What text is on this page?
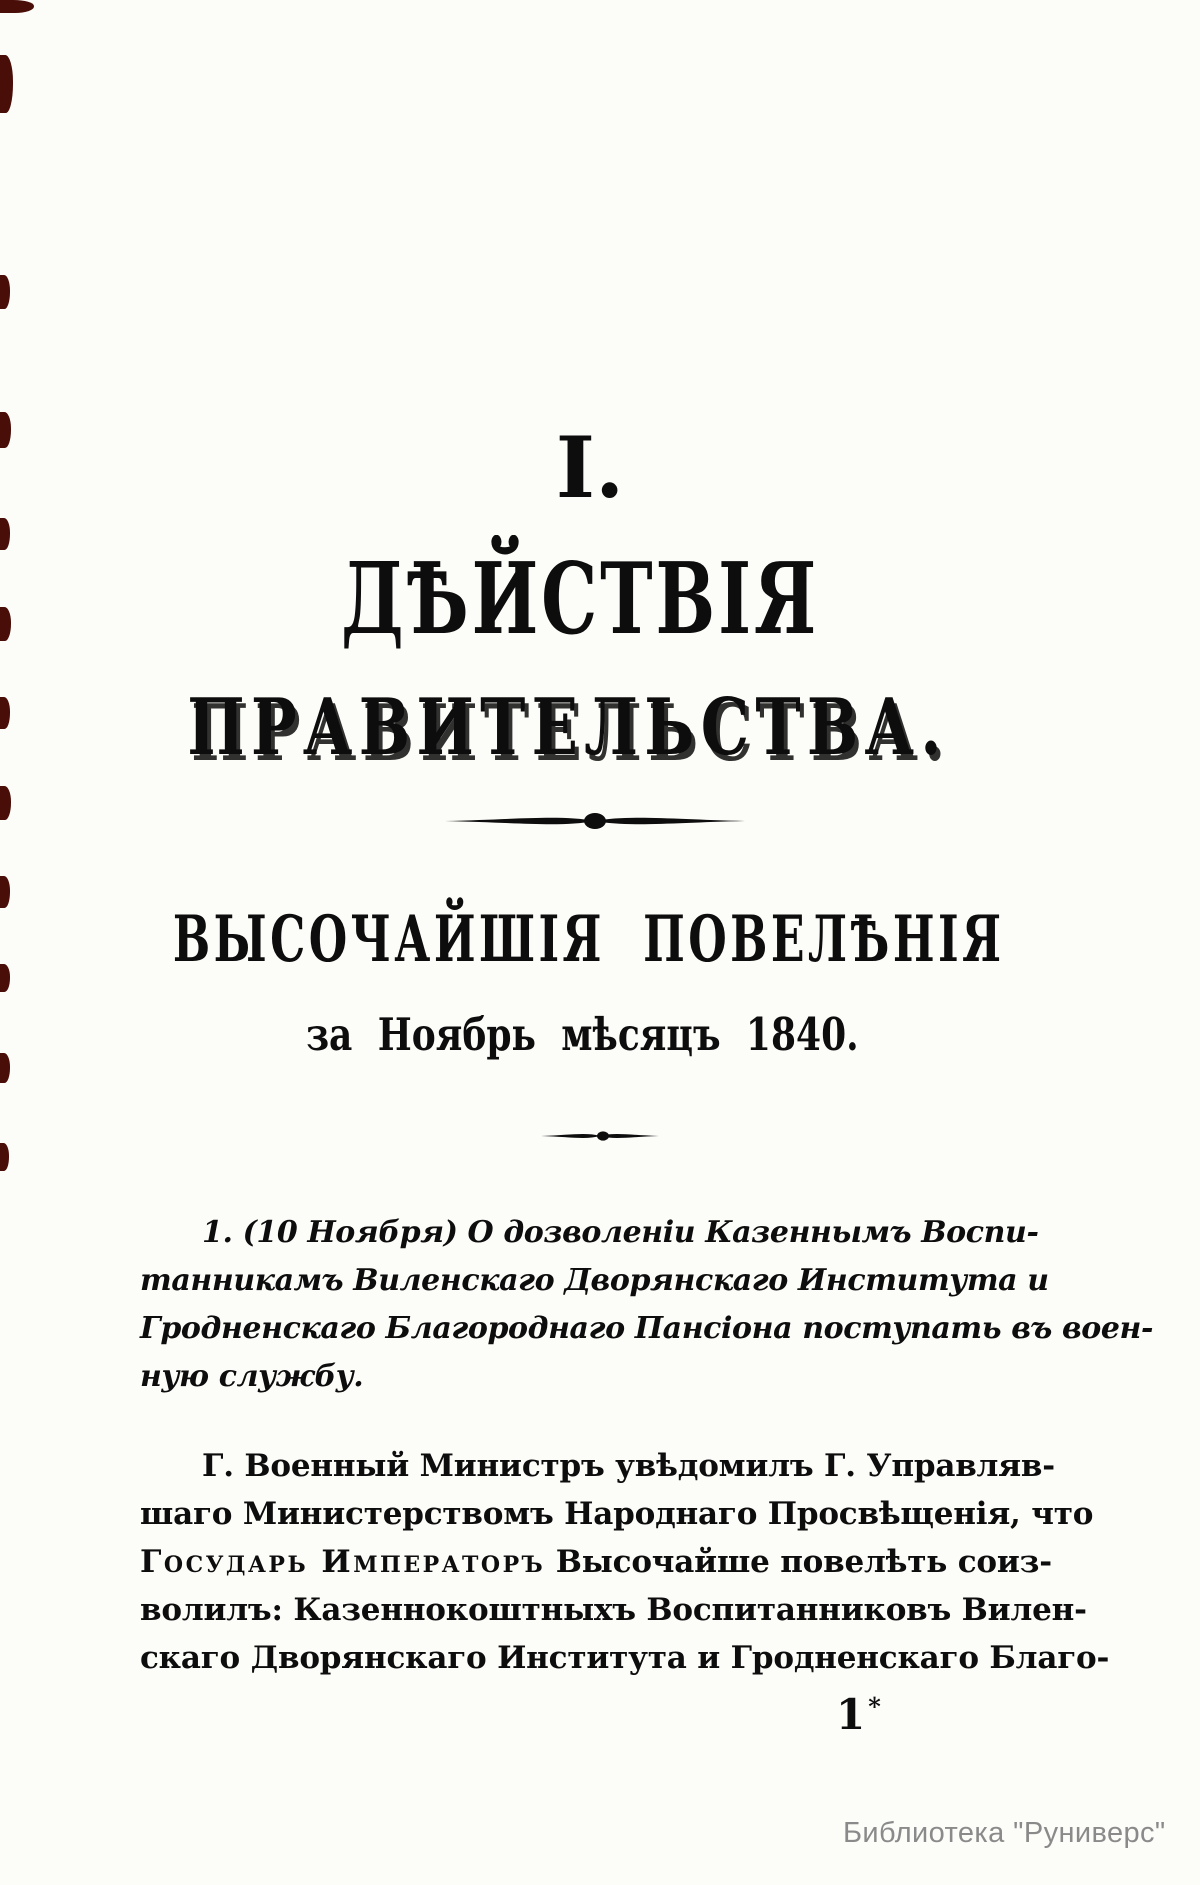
I.
ДѢЙСТВІЯ
ПРАВИТЕЛЬСТВА.
ВЫСОЧАЙШІЯ ПОВЕЛѢНІЯ
за Ноябрь мѣсяцъ 1840.
1. (10 Ноября) О дозволеніи Казеннымъ Воспи-
танникамъ Виленскаго Дворянскаго Института и
Гродненскаго Благороднаго Пансіона поступать въ воен-
ную службу.
Г. Военный Министръ увѣдомилъ Г. Управляв-
шаго Министерствомъ Народнаго Просвѣщенія, что
Государь Императоръ Высочайше повелѣть соиз-
волилъ: Казеннокоштныхъ Воспитанниковъ Вилен-
скаго Дворянскаго Института и Гродненскаго Благо-
1 *
Библиотека "Руниверс"
